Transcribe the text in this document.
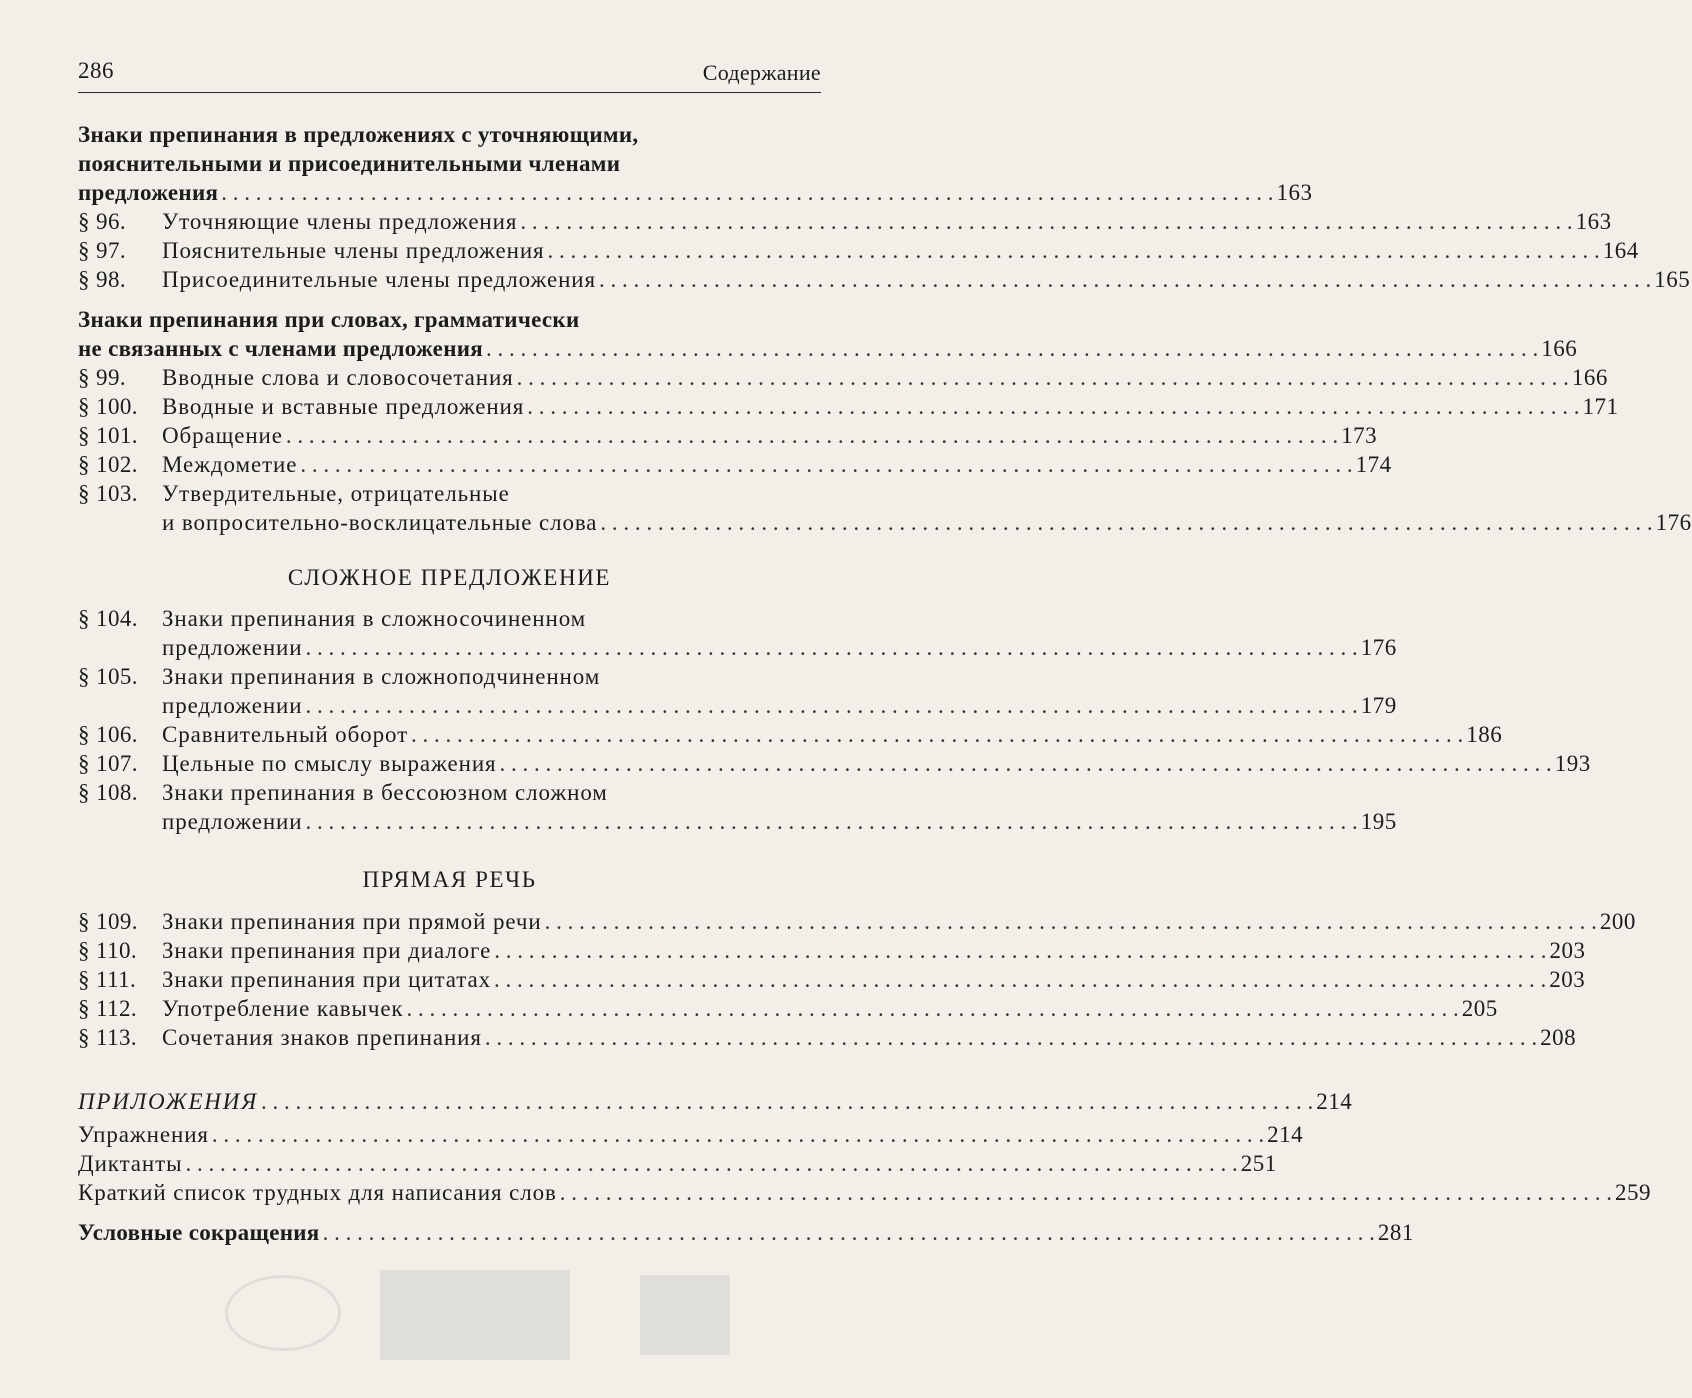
286	Содержание
Знаки препинания в предложениях с уточняющими,
пояснительными и присоединительными членами
предложения . . .	163
§ 96.	Уточняющие члены предложения . . .	163
§ 97.	Пояснительные члены предложения . . .	164
§ 98.	Присоединительные члены предложения . . .	165
Знаки препинания при словах, грамматически
не связанных с членами предложения . . .	166
§ 99.	Вводные слова и словосочетания . . .	166
§ 100.	Вводные и вставные предложения . . .	171
§ 101.	Обращение . . .	173
§ 102.	Междометие . . .	174
§ 103.	Утвердительные, отрицательные
и вопросительно-восклицательные слова . . .	176
СЛОЖНОЕ ПРЕДЛОЖЕНИЕ
§ 104.	Знаки препинания в сложносочиненном
предложении . . .	176
§ 105.	Знаки препинания в сложноподчиненном
предложении . . .	179
§ 106.	Сравнительный оборот . . .	186
§ 107.	Цельные по смыслу выражения . . .	193
§ 108.	Знаки препинания в бессоюзном сложном
предложении . . .	195
ПРЯМАЯ РЕЧЬ
§ 109.	Знаки препинания при прямой речи . . .	200
§ 110.	Знаки препинания при диалоге . . .	203
§ 111.	Знаки препинания при цитатах . . .	203
§ 112.	Употребление кавычек . . .	205
§ 113.	Сочетания знаков препинания . . .	208
ПРИЛОЖЕНИЯ . . .	214
Упражнения . . .	214
Диктанты . . .	251
Краткий список трудных для написания слов . . .	259
Условные сокращения . . .	281
